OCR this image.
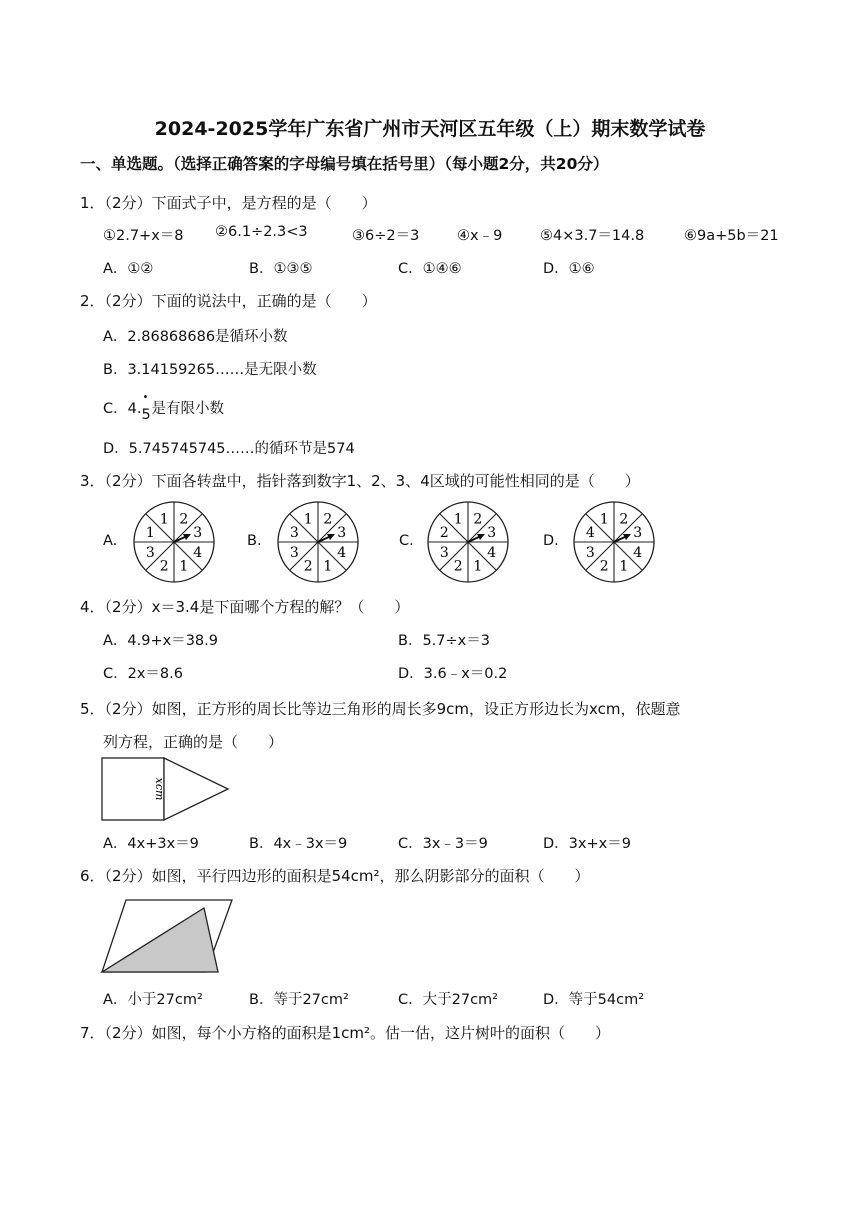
2024-2025学年广东省广州市天河区五年级（上）期末数学试卷
一、单选题。（选择正确答案的字母编号填在括号里）（每小题2分，共20分）
1．（2分）下面式子中，是方程的是（　　）
①2.7+x＝8 ②6.1÷2.3<3	③6÷2＝3	④x﹣9	⑤4×3.7＝14.8	⑥9a+5b＝21
A．①②	B．①③⑤	C．①④⑥	D．①⑥
2．（2分）下面的说法中，正确的是（　　）
A．2.86868686是循环小数
B．3.14159265……是无限小数
C．4.
•
5是有限小数
D．5.745745745……的循环节是574
3．（2分）下面各转盘中，指针落到数字1、2、3、4区域的可能性相同的是（　　）
A.	B.	C.	D.
2
3
4
1
2
3
1
1	2
3
4
1
2
3
3
1	2
3
4
1
2
3
2
1	2
3
4
1
2
3
4
1
4．（2分）x＝3.4是下面哪个方程的解？（　　）
A．4.9+x＝38.9	B．5.7÷x＝3
C．2x＝8.6	D．3.6﹣x＝0.2
5．（2分）如图，正方形的周长比等边三角形的周长多9cm，设正方形边长为xcm，依题意
列方程，正确的是（　　）
xcm
A．4x+3x＝9	B．4x﹣3x＝9	C．3x﹣3＝9	D．3x+x＝9
6．（2分）如图，平行四边形的面积是54cm²，那么阴影部分的面积（　　）
A．小于27cm²	B．等于27cm²	C．大于27cm²	D．等于54cm²
7．（2分）如图，每个小方格的面积是1cm²。估一估，这片树叶的面积（　　）
